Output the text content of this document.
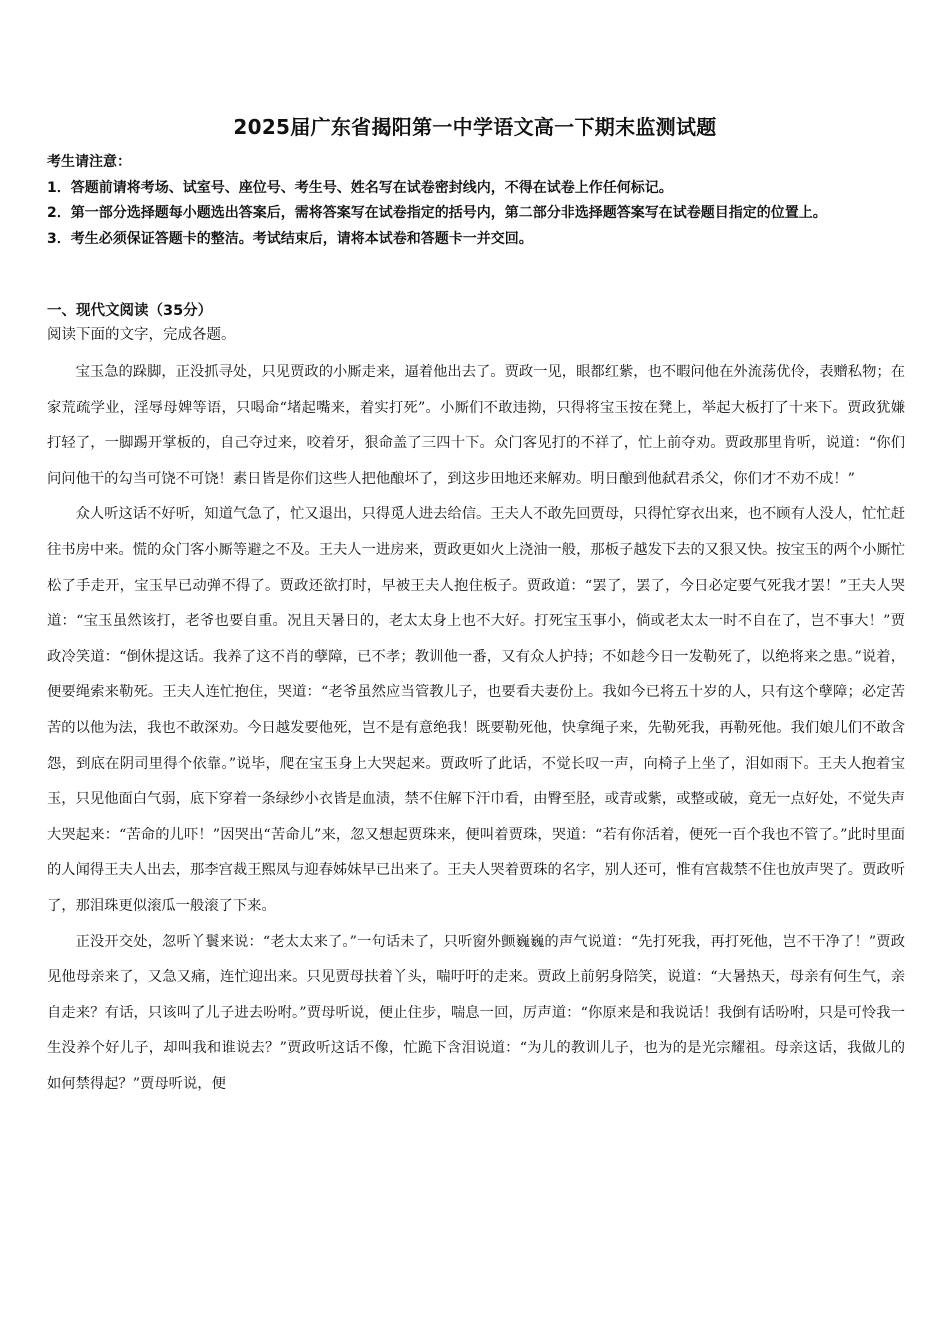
2025届广东省揭阳第一中学语文高一下期末监测试题

考生请注意：

1．答题前请将考场、试室号、座位号、考生号、姓名写在试卷密封线内，不得在试卷上作任何标记。

2．第一部分选择题每小题选出答案后，需将答案写在试卷指定的括号内，第二部分非选择题答案写在试卷题目指定的位置上。

3．考生必须保证答题卡的整洁。考试结束后，请将本试卷和答题卡一并交回。

一、现代文阅读（35分）

阅读下面的文字，完成各题。

宝玉急的跺脚，正没抓寻处，只见贾政的小厮走来，逼着他出去了。贾政一见，眼都红紫，也不暇问他在外流荡优伶，表赠私物；在家荒疏学业，淫辱母婢等语，只喝命“堵起嘴来，着实打死”。小厮们不敢违拗，只得将宝玉按在凳上，举起大板打了十来下。贾政犹嫌打轻了，一脚踢开掌板的，自己夺过来，咬着牙，狠命盖了三四十下。众门客见打的不祥了，忙上前夺劝。贾政那里肯听，说道：“你们问问他干的勾当可饶不可饶！素日皆是你们这些人把他酿坏了，到这步田地还来解劝。明日酿到他弑君杀父，你们才不劝不成！”

众人听这话不好听，知道气急了，忙又退出，只得觅人进去给信。王夫人不敢先回贾母，只得忙穿衣出来，也不顾有人没人，忙忙赶往书房中来。慌的众门客小厮等避之不及。王夫人一进房来，贾政更如火上浇油一般，那板子越发下去的又狠又快。按宝玉的两个小厮忙松了手走开，宝玉早已动弹不得了。贾政还欲打时，早被王夫人抱住板子。贾政道：“罢了，罢了，今日必定要气死我才罢！”王夫人哭道：“宝玉虽然该打，老爷也要自重。况且天暑日的，老太太身上也不大好。打死宝玉事小，倘或老太太一时不自在了，岂不事大！”贾政冷笑道：“倒休提这话。我养了这不肖的孽障，已不孝；教训他一番，又有众人护持；不如趁今日一发勒死了，以绝将来之患。”说着，便要绳索来勒死。王夫人连忙抱住，哭道：“老爷虽然应当管教儿子，也要看夫妻份上。我如今已将五十岁的人，只有这个孽障；必定苦苦的以他为法，我也不敢深劝。今日越发要他死，岂不是有意绝我！既要勒死他，快拿绳子来，先勒死我，再勒死他。我们娘儿们不敢含怨，到底在阴司里得个依靠。”说毕，爬在宝玉身上大哭起来。贾政听了此话，不觉长叹一声，向椅子上坐了，泪如雨下。王夫人抱着宝玉，只见他面白气弱，底下穿着一条绿纱小衣皆是血渍，禁不住解下汗巾看，由臀至胫，或青或紫，或整或破，竟无一点好处，不觉失声大哭起来：“苦命的儿吓！”因哭出“苦命儿”来，忽又想起贾珠来，便叫着贾珠，哭道：“若有你活着，便死一百个我也不管了。”此时里面的人闻得王夫人出去，那李宫裁王熙凤与迎春姊妹早已出来了。王夫人哭着贾珠的名字，别人还可，惟有宫裁禁不住也放声哭了。贾政听了，那泪珠更似滚瓜一般滚了下来。

正没开交处，忽听丫鬟来说：“老太太来了。”一句话未了，只听窗外颤巍巍的声气说道：“先打死我，再打死他，岂不干净了！”贾政见他母亲来了，又急又痛，连忙迎出来。只见贾母扶着丫头，喘吁吁的走来。贾政上前躬身陪笑，说道：“大暑热天，母亲有何生气，亲自走来？有话，只该叫了儿子进去吩咐。”贾母听说，便止住步，喘息一回，厉声道：“你原来是和我说话！我倒有话吩咐，只是可怜我一生没养个好儿子，却叫我和谁说去？”贾政听这话不像，忙跪下含泪说道：“为儿的教训儿子，也为的是光宗耀祖。母亲这话，我做儿的如何禁得起？”贾母听说，便
